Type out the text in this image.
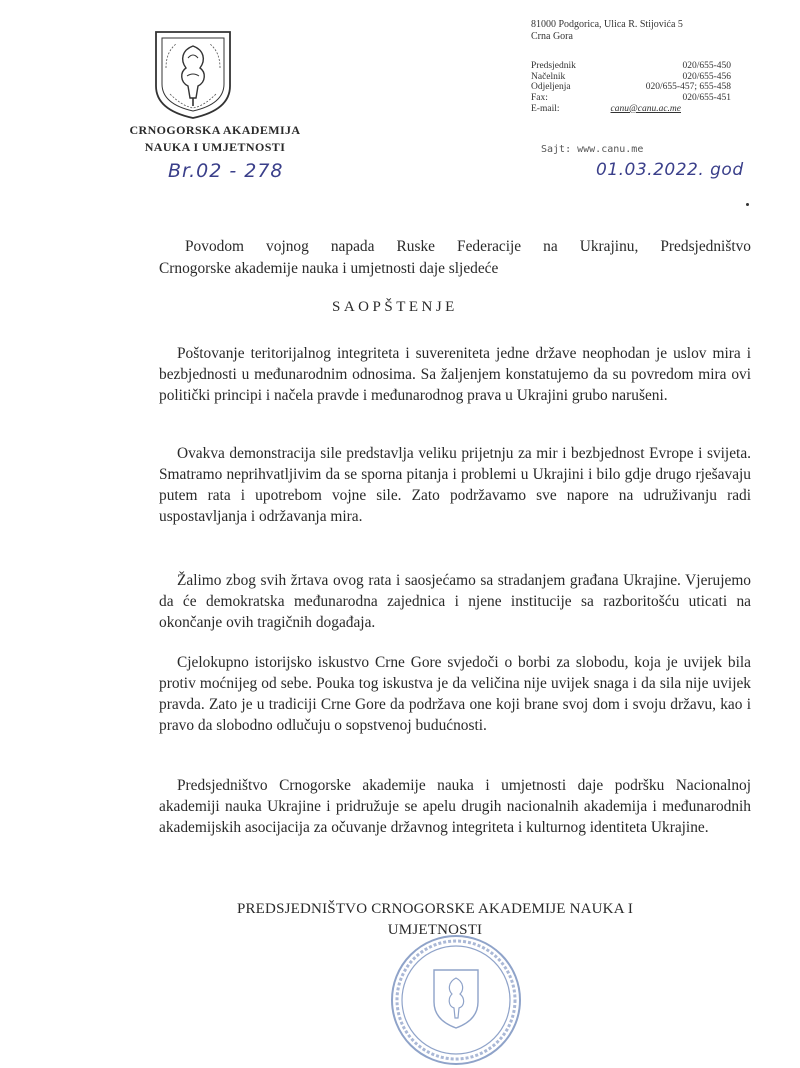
CRNOGORSKA AKADEMIJA
NAUKA I UMJETNOSTI
Br.02 - 278	01.03.2022. god
81000 Podgorica, Ulica R. Stijovića 5
Crna Gora
Predsjednik	020/655-450
Načelnik	020/655-456
Odjeljenja	020/655-457; 655-458
Fax:	020/655-451
E-mail:	canu@canu.ac.me
Sajt: www.canu.me
Povodom vojnog napada Ruske Federacije na Ukrajinu, Predsjedništvo
Crnogorske akademije nauka i umjetnosti daje sljedeće
SAOPŠTENJE
Poštovanje teritorijalnog integriteta i suvereniteta jedne države neophodan je uslov mira i bezbjednosti u međunarodnim odnosima. Sa žaljenjem konstatujemo da su povredom mira ovi politički principi i načela pravde i međunarodnog prava u Ukrajini grubo narušeni.
Ovakva demonstracija sile predstavlja veliku prijetnju za mir i bezbjednost Evrope i svijeta. Smatramo neprihvatljivim da se sporna pitanja i problemi u Ukrajini i bilo gdje drugo rješavaju putem rata i upotrebom vojne sile. Zato podržavamo sve napore na udruživanju radi uspostavljanja i održavanja mira.
Žalimo zbog svih žrtava ovog rata i saosjećamo sa stradanjem građana Ukrajine. Vjerujemo da će demokratska međunarodna zajednica i njene institucije sa razboritošću uticati na okončanje ovih tragičnih događaja.
Cjelokupno istorijsko iskustvo Crne Gore svjedoči o borbi za slobodu, koja je uvijek bila protiv moćnijeg od sebe. Pouka tog iskustva je da veličina nije uvijek snaga i da sila nije uvijek pravda. Zato je u tradiciji Crne Gore da podržava one koji brane svoj dom i svoju državu, kao i pravo da slobodno odlučuju o sopstvenoj budućnosti.
Predsjedništvo Crnogorske akademije nauka i umjetnosti daje podršku Nacionalnoj akademiji nauka Ukrajine i pridružuje se apelu drugih nacionalnih akademija i međunarodnih akademijskih asocijacija za očuvanje državnog integriteta i kulturnog identiteta Ukrajine.
PREDSJEDNIŠTVO CRNOGORSKE AKADEMIJE NAUKA I
UMJETNOSTI
